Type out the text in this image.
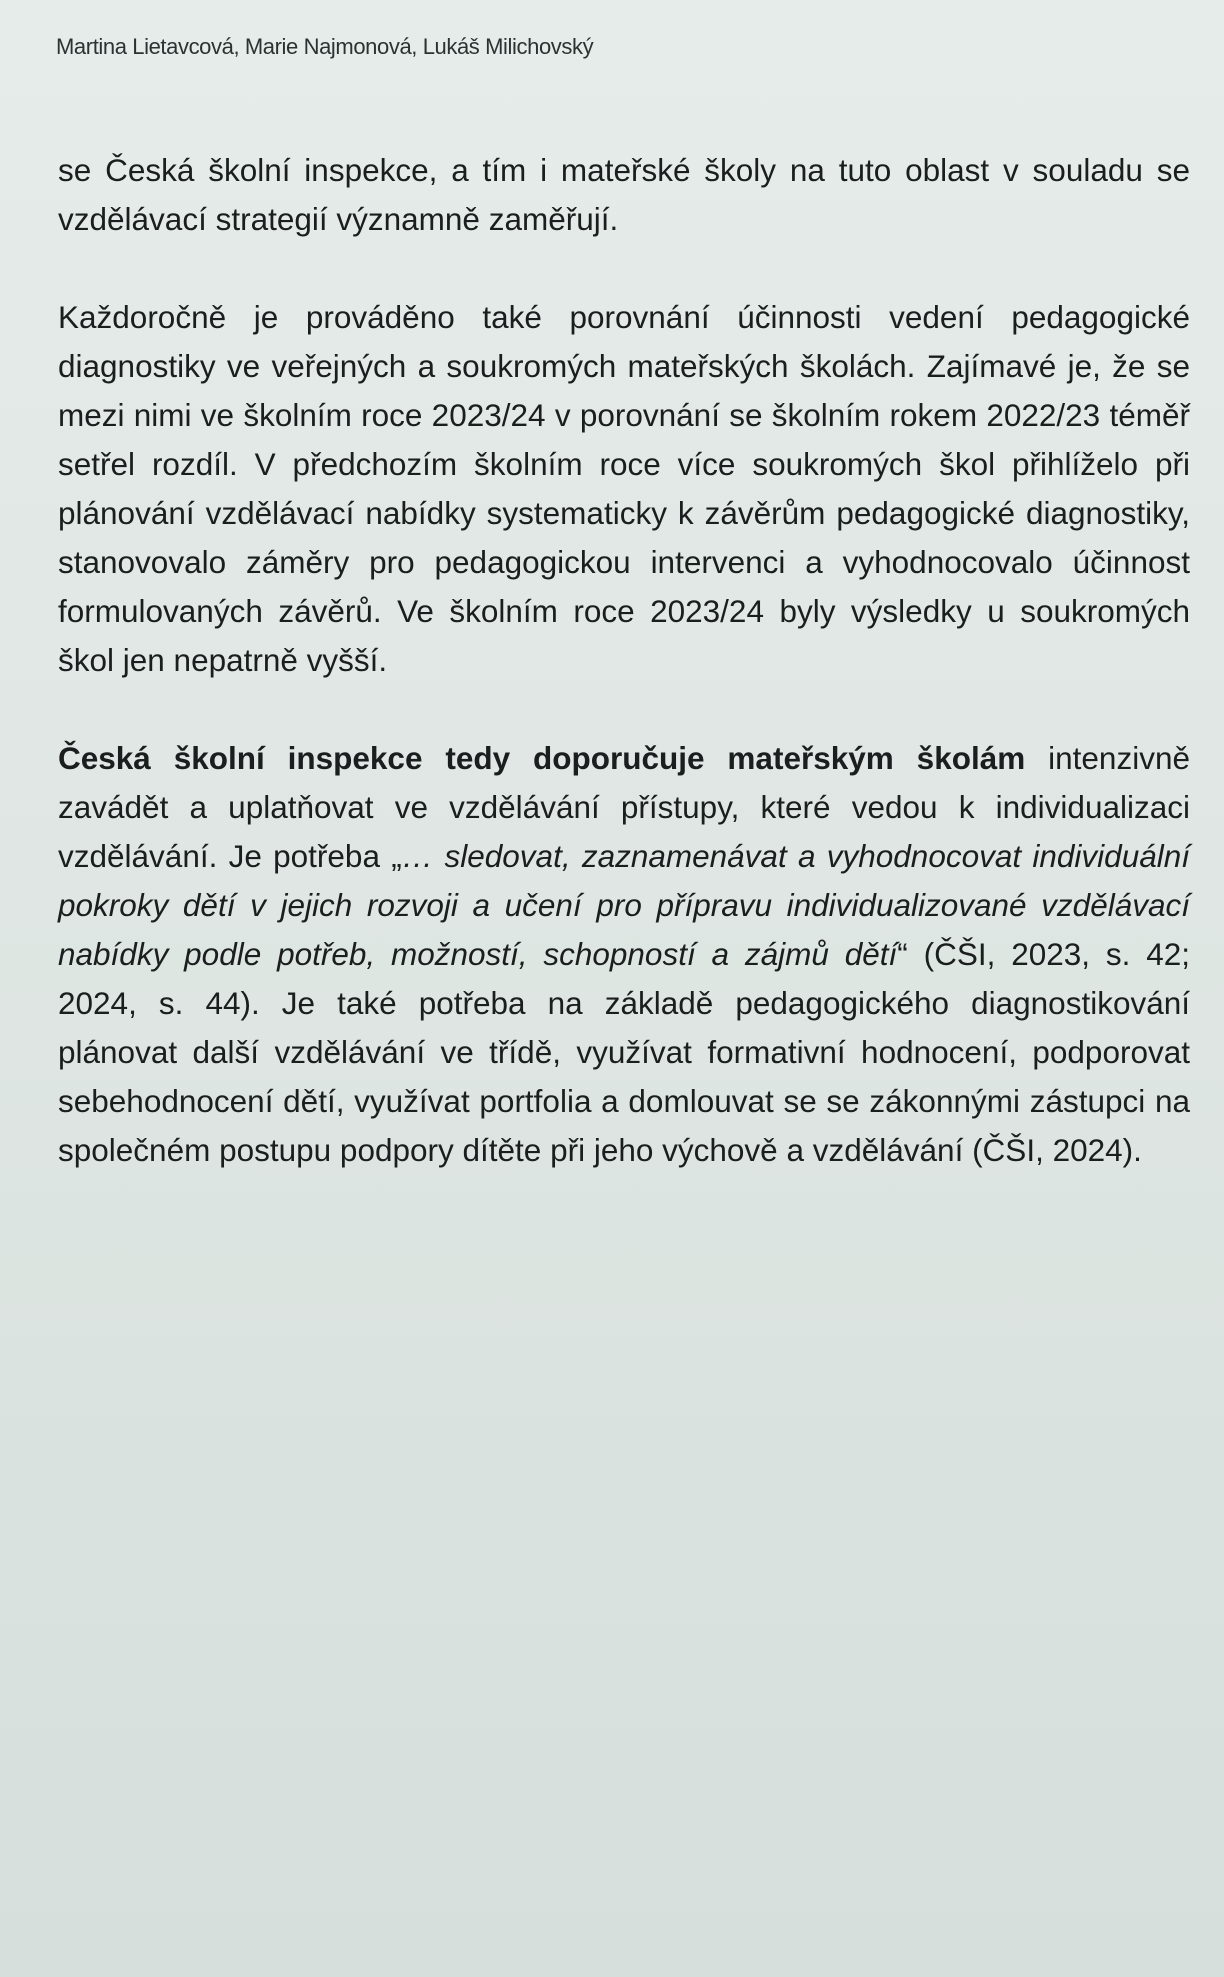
Martina Lietavcová, Marie Najmonová, Lukáš Milichovský

se Česká školní inspekce, a tím i mateřské školy na tuto oblast v souladu se vzdělávací strategií významně zaměřují.

Každoročně je prováděno také porovnání účinnosti vedení pedagogické diagnostiky ve veřejných a soukromých mateřských školách. Zajímavé je, že se mezi nimi ve školním roce 2023/24 v porovnání se školním rokem 2022/23 téměř setřel rozdíl. V předchozím školním roce více soukromých škol přihlíželo při plánování vzdělávací nabídky systematicky k závěrům pedagogické diagnostiky, stanovovalo záměry pro pedagogickou intervenci a vyhodnocovalo účinnost formulovaných závěrů. Ve školním roce 2023/24 byly výsledky u soukromých škol jen nepatrně vyšší.

Česká školní inspekce tedy doporučuje mateřským školám intenzivně zavádět a uplatňovat ve vzdělávání přístupy, které vedou k individualizaci vzdělávání. Je potřeba „… sledovat, zaznamenávat a vyhodnocovat individuální pokroky dětí v jejich rozvoji a učení pro přípravu individualizované vzdělávací nabídky podle potřeb, možností, schopností a zájmů dětí“ (ČŠI, 2023, s. 42; 2024, s. 44). Je také potřeba na základě pedagogického diagnostikování plánovat další vzdělávání ve třídě, využívat formativní hodnocení, podporovat sebehodnocení dětí, využívat portfolia a domlouvat se se zákonnými zástupci na společném postupu podpory dítěte při jeho výchově a vzdělávání (ČŠI, 2024).
